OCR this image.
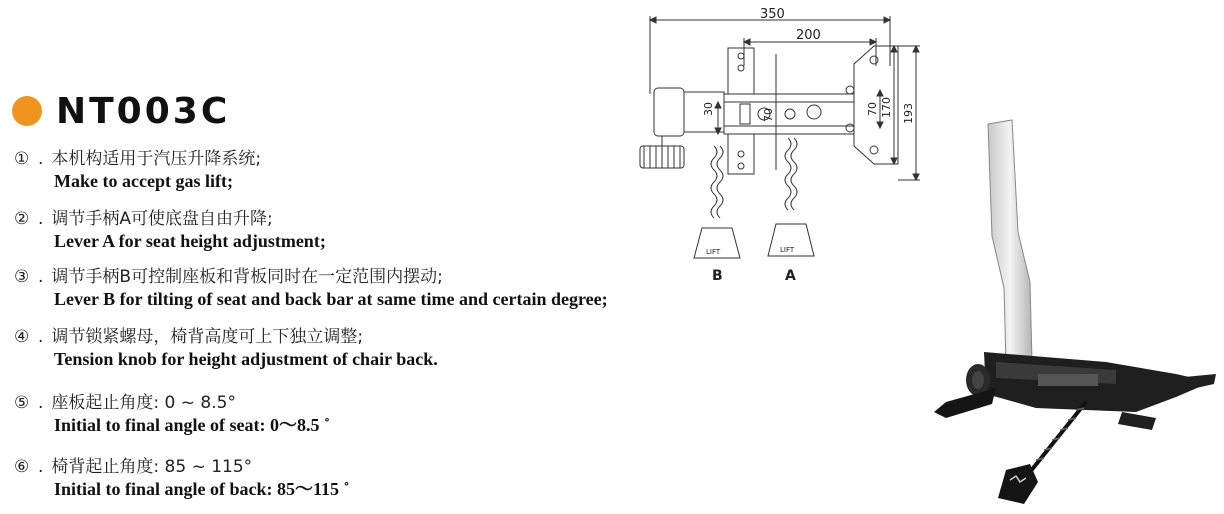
NT003C
① . 本机构适用于汽压升降系统;
Make to accept gas lift;
② . 调节手柄A可使底盘自由升降;
Lever A for seat height adjustment;
③ . 调节手柄B可控制座板和背板同时在一定范围内摆动;
Lever B for tilting of seat and back bar at same time and certain degree;
④ . 调节锁紧螺母，椅背高度可上下独立调整;
Tension knob for height adjustment of chair back.
⑤ . 座板起止角度: 0 ~ 8.5°
Initial to final angle of seat: 0～8.5 ˚
⑥ . 椅背起止角度: 85 ~ 115°
Initial to final angle of back: 85～115 ˚
350
200
30	70	70 170 193
LIFT	LIFT
B	A
